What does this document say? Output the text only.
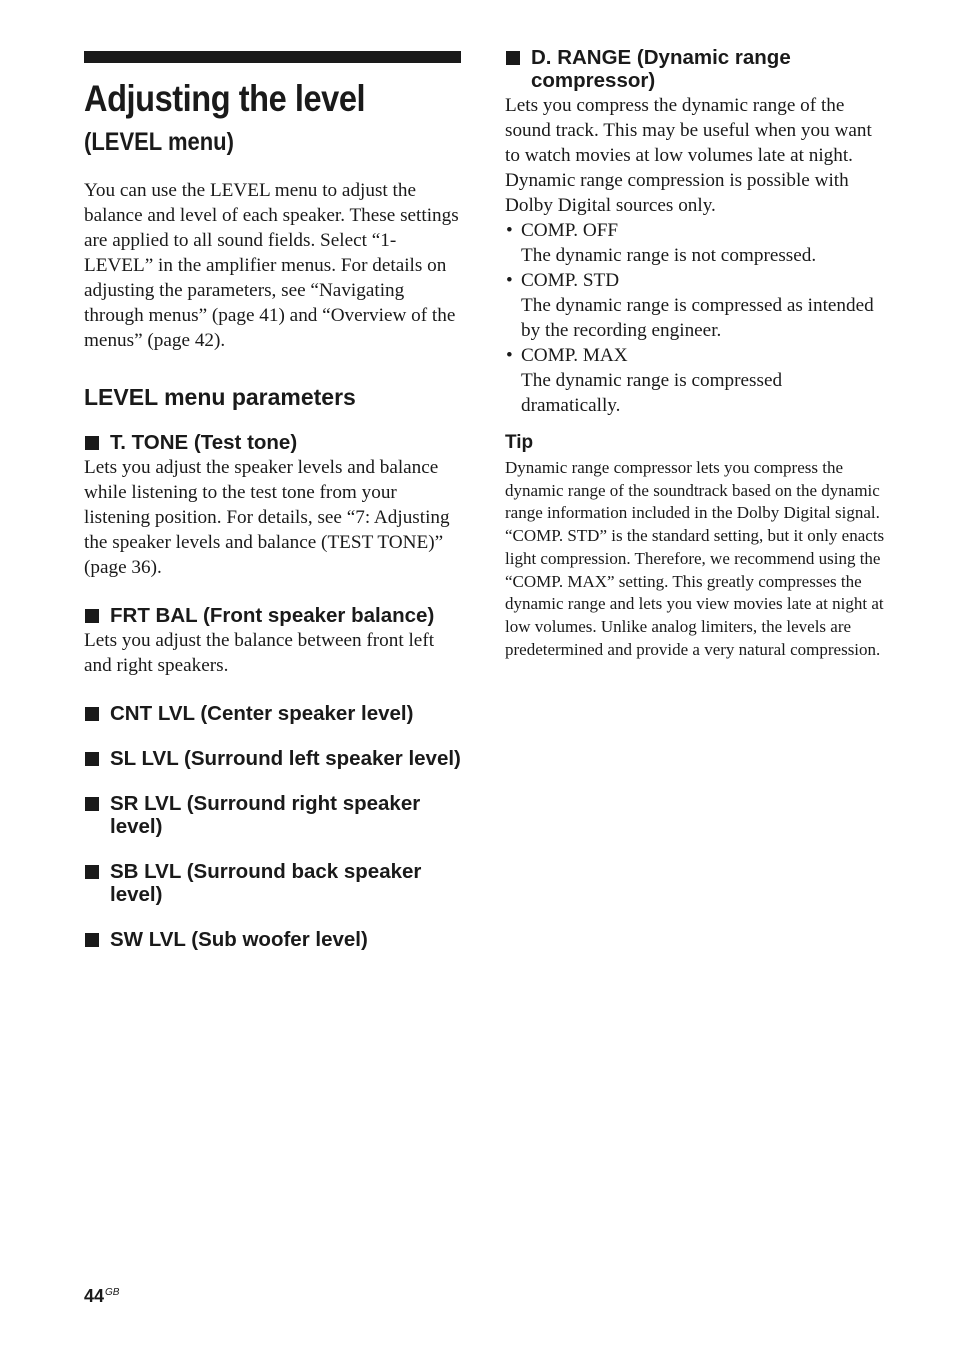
Adjusting the level
(LEVEL menu)

You can use the LEVEL menu to adjust the balance and level of each speaker. These settings are applied to all sound fields. Select “1-LEVEL” in the amplifier menus. For details on adjusting the parameters, see “Navigating through menus” (page 41) and “Overview of the menus” (page 42).

LEVEL menu parameters
T. TONE (Test tone)

Lets you adjust the speaker levels and balance while listening to the test tone from your listening position. For details, see “7: Adjusting the speaker levels and balance (TEST TONE)” (page 36).

FRT BAL (Front speaker balance)

Lets you adjust the balance between front left and right speakers.

CNT LVL (Center speaker level)
SL LVL (Surround left speaker level)
SR LVL (Surround right speaker level)
SB LVL (Surround back speaker level)
SW LVL (Sub woofer level)
D. RANGE (Dynamic range compressor)

Lets you compress the dynamic range of the sound track. This may be useful when you want to watch movies at low volumes late at night. Dynamic range compression is possible with Dolby Digital sources only.

• COMP. OFF
The dynamic range is not compressed.
• COMP. STD
The dynamic range is compressed as intended by the recording engineer.
• COMP. MAX
The dynamic range is compressed dramatically.
Tip

Dynamic range compressor lets you compress the dynamic range of the soundtrack based on the dynamic range information included in the Dolby Digital signal. “COMP. STD” is the standard setting, but it only enacts light compression. Therefore, we recommend using the “COMP. MAX” setting. This greatly compresses the dynamic range and lets you view movies late at night at low volumes. Unlike analog limiters, the levels are predetermined and provide a very natural compression.

$44^{GB}$
